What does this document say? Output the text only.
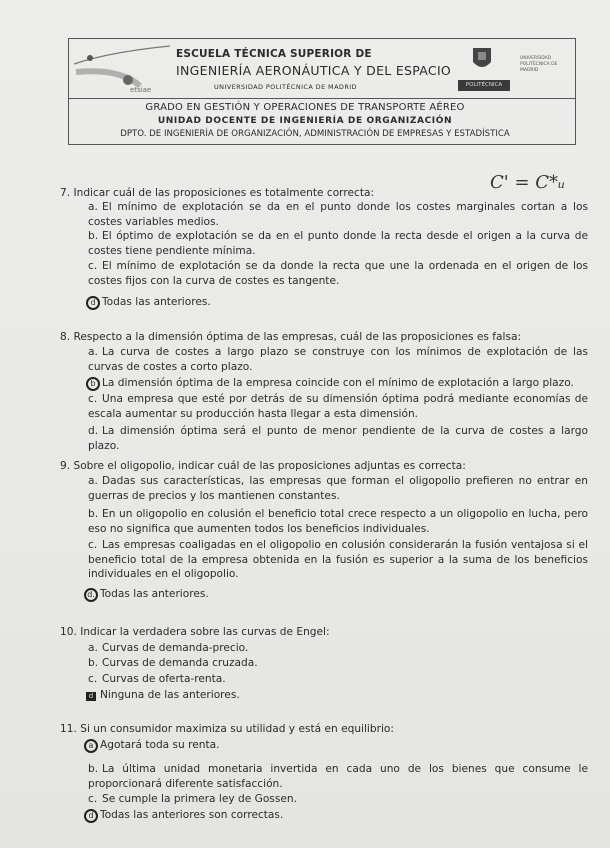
etsiae
ESCUELA TÉCNICA SUPERIOR DE
INGENIERÍA AERONÁUTICA Y DEL ESPACIO
UNIVERSIDAD POLITÉCNICA DE MADRID	POLITÉCNICA
UNIVERSIDAD POLITÉCNICA DE MADRID
GRADO EN GESTIÓN Y OPERACIONES DE TRANSPORTE AÉREO
UNIDAD DOCENTE DE INGENIERÍA DE ORGANIZACIÓN
DPTO. DE INGENIERÍA DE ORGANIZACIÓN, ADMINISTRACIÓN DE EMPRESAS Y ESTADÍSTICA
C' = C*ᵤ
7. Indicar cuál de las proposiciones es totalmente correcta:
a. El mínimo de explotación se da en el punto donde los costes marginales cortan a los costes variables medios.
b. El óptimo de explotación se da en el punto donde la recta desde el origen a la curva de costes tiene pendiente mínima.
c. El mínimo de explotación se da donde la recta que une la ordenada en el origen de los costes fijos con la curva de costes es tangente.
d Todas las anteriores.
8. Respecto a la dimensión óptima de las empresas, cuál de las proposiciones es falsa:
a. La curva de costes a largo plazo se construye con los mínimos de explotación de las curvas de costes a corto plazo.
b La dimensión óptima de la empresa coincide con el mínimo de explotación a largo plazo.
c. Una empresa que esté por detrás de su dimensión óptima podrá mediante economías de escala aumentar su producción hasta llegar a esta dimensión.
d. La dimensión óptima será el punto de menor pendiente de la curva de costes a largo plazo.
9. Sobre el oligopolio, indicar cuál de las proposiciones adjuntas es correcta:
a. Dadas sus características, las empresas que forman el oligopolio prefieren no entrar en guerras de precios y los mantienen constantes.
b. En un oligopolio en colusión el beneficio total crece respecto a un oligopolio en lucha, pero eso no significa que aumenten todos los beneficios individuales.
c. Las empresas coaligadas en el oligopolio en colusión considerarán la fusión ventajosa si el beneficio total de la empresa obtenida en la fusión es superior a la suma de los beneficios individuales en el oligopolio.
d. Todas las anteriores.
10. Indicar la verdadera sobre las curvas de Engel:
a. Curvas de demanda-precio.
b. Curvas de demanda cruzada.
c. Curvas de oferta-renta.
d Ninguna de las anteriores.
11. Si un consumidor maximiza su utilidad y está en equilibrio:
a Agotará toda su renta.
b. La última unidad monetaria invertida en cada uno de los bienes que consume le proporcionará diferente satisfacción.
c. Se cumple la primera ley de Gossen.
d Todas las anteriores son correctas.
